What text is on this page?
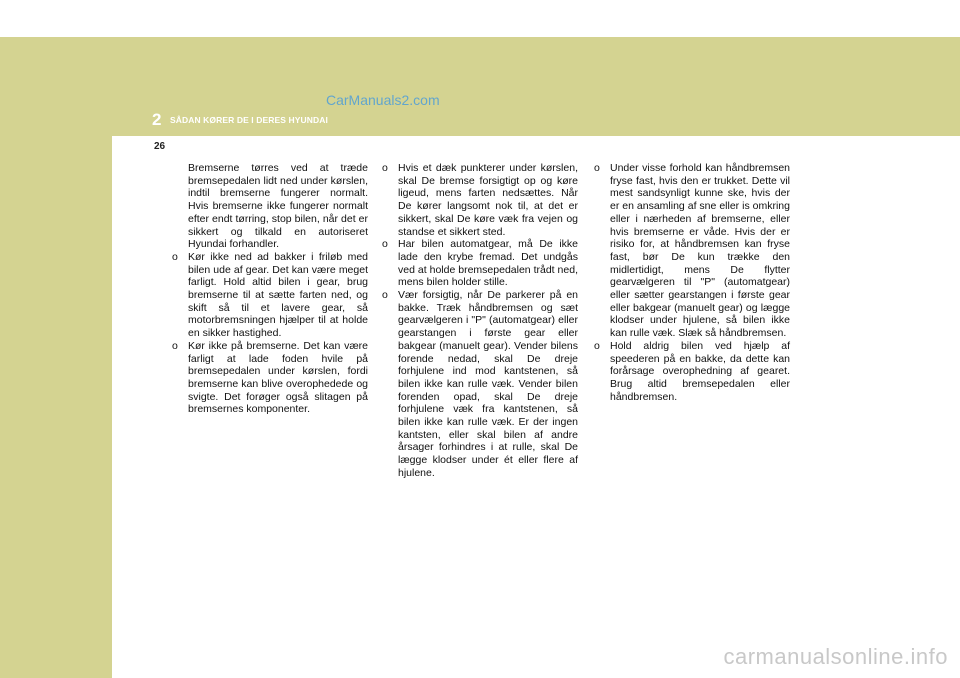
CarManuals2.com
2 SÅDAN KØRER DE I DERES HYUNDAI
26

Bremserne tørres ved at træde bremsepedalen lidt ned under kørslen, indtil bremserne fungerer normalt. Hvis bremserne ikke fungerer normalt efter endt tørring, stop bilen, når det er sikkert og tilkald en autoriseret Hyundai forhandler.

o Kør ikke ned ad bakker i friløb med bilen ude af gear. Det kan være meget farligt. Hold altid bilen i gear, brug bremserne til at sætte farten ned, og skift så til et lavere gear, så motorbremsningen hjælper til at holde en sikker hastighed.

o Kør ikke på bremserne. Det kan være farligt at lade foden hvile på bremsepedalen under kørslen, fordi bremserne kan blive overophedede og svigte. Det forøger også slitagen på bremsernes komponenter.

o Hvis et dæk punkterer under kørslen, skal De bremse forsigtigt op og køre ligeud, mens farten nedsættes. Når De kører langsomt nok til, at det er sikkert, skal De køre væk fra vejen og standse et sikkert sted.

o Har bilen automatgear, må De ikke lade den krybe fremad. Det undgås ved at holde bremsepedalen trådt ned, mens bilen holder stille.

o Vær forsigtig, når De parkerer på en bakke. Træk håndbremsen og sæt gearvælgeren i "P" (automatgear) eller gearstangen i første gear eller bakgear (manuelt gear). Vender bilens forende nedad, skal De dreje forhjulene ind mod kantstenen, så bilen ikke kan rulle væk. Vender bilen forenden opad, skal De dreje forhjulene væk fra kantstenen, så bilen ikke kan rulle væk. Er der ingen kantsten, eller skal bilen af andre årsager forhindres i at rulle, skal De lægge klodser under ét eller flere af hjulene.

o Under visse forhold kan håndbremsen fryse fast, hvis den er trukket. Dette vil mest sandsynligt kunne ske, hvis der er en ansamling af sne eller is omkring eller i nærheden af bremserne, eller hvis bremserne er våde. Hvis der er risiko for, at håndbremsen kan fryse fast, bør De kun trække den midlertidigt, mens De flytter gearvælgeren til "P" (automatgear) eller sætter gearstangen i første gear eller bakgear (manuelt gear) og lægge klodser under hjulene, så bilen ikke kan rulle væk. Slæk så håndbremsen.

o Hold aldrig bilen ved hjælp af speederen på en bakke, da dette kan forårsage overophedning af gearet. Brug altid bremsepedalen eller håndbremsen.

carmanualsonline.info
